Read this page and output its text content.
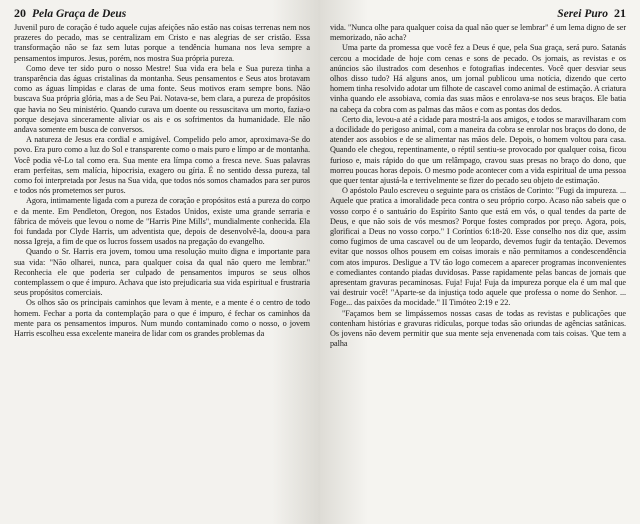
20 Pela Graça de Deus

Juvenil puro de coração é tudo aquele cujas afeições não estão nas coisas terrenas nem nos prazeres do pecado, mas se centralizam em Cristo e nas alegrias de ser cristão. Essa transformação não se faz sem lutas porque a tendência humana nos leva sempre a pensamentos impuros. Jesus, porém, nos mostra Sua própria pureza.

Como deve ter sido puro o nosso Mestre! Sua vida era bela e Sua pureza tinha a transparência das águas cristalinas da montanha. Seus pensamentos e Seus atos brotavam como as águas límpidas e claras de uma fonte. Seus motivos eram sempre bons. Não buscava Sua própria glória, mas a de Seu Pai. Notava-se, bem clara, a pureza de propósitos que havia no Seu ministério. Quando curava um doente ou ressuscitava um morto, fazia-o porque desejava sinceramente aliviar os ais e os sofrimentos da humanidade. Ele não andava somente em busca de conversos.

A natureza de Jesus era cordial e amigável. Compelido pelo amor, aproximava-Se do povo. Era puro como a luz do Sol e transparente como o mais puro e límpo ar de montanha. Você podia vê-Lo tal como era. Sua mente era límpa como a fresca neve. Suas palavras eram perfeitas, sem malícia, hipocrisia, exagero ou gíria. É no sentido dessa pureza, tal como foi interpretada por Jesus na Sua vida, que todos nós somos chamados para ser puros e todos nós prometemos ser puros.

Agora, intimamente ligada com a pureza de coração e propósitos está a pureza do corpo e da mente. Em Pendleton, Oregon, nos Estados Unidos, existe uma grande serraria e fábrica de móveis que levou o nome de "Harris Pine Mills", mundialmente conhecida. Ela foi fundada por Clyde Harris, um adventista que, depois de desenvolvê-la, doou-a para nossa Igreja, a fim de que os lucros fossem usados na pregação do evangelho.

Quando o Sr. Harris era jovem, tomou uma resolução muito digna e importante para sua vida: "Não olharei, nunca, para qualquer coisa da qual não quero me lembrar." Reconhecia ele que poderia ser culpado de pensamentos impuros se seus olhos contemplassem o que é impuro. Achava que isto prejudicaria sua vida espiritual e frustraria seus propósitos comerciais.

Os olhos são os principais caminhos que levam à mente, e a mente é o centro de todo homem. Fechar a porta da contemplação para o que é impuro, é fechar os caminhos da mente para os pensamentos impuros. Num mundo contaminado como o nosso, o jovem Harris escolheu essa excelente maneira de lidar com os grandes problemas da

Serei Puro 21

vida. "Nunca olhe para qualquer coisa da qual não quer se lembrar" é um lema digno de ser memorizado, não acha?

Uma parte da promessa que você fez a Deus é que, pela Sua graça, será puro. Satanás cercou a mocidade de hoje com cenas e sons de pecado. Os jornais, as revistas e os anúncios são ilustrados com desenhos e fotografias indecentes. Você quer desviar seus olhos disso tudo? Há alguns anos, um jornal publicou uma notícia, dizendo que certo homem tinha resolvido adotar um filhote de cascavel como animal de estimação. A criatura vinha quando ele assobiava, comia das suas mãos e enrolava-se nos seus braços. Ele batia na cabeça da cobra com as palmas das mãos e com as pontas dos dedos.

Certo dia, levou-a até a cidade para mostrá-la aos amigos, e todos se maravilharam com a docilidade do perigoso animal, com a maneira da cobra se enrolar nos braços do dono, de atender aos assobios e de se alimentar nas mãos dele. Depois, o homem voltou para casa. Quando ele chegou, repentinamente, o réptil sentiu-se provocado por qualquer coisa, ficou furioso e, mais rápido do que um relâmpago, cravou suas presas no braço do dono, que morreu poucas horas depois. O mesmo pode acontecer com a vida espiritual de uma pessoa que quer tentar ajustá-la e terrivelmente se fizer do pecado seu objeto de estimação.

O apóstolo Paulo escreveu o seguinte para os cristãos de Corinto: "Fugi da impureza. ... Aquele que pratica a imoralidade peca contra o seu próprio corpo. Acaso não sabeis que o vosso corpo é o santuário do Espírito Santo que está em vós, o qual tendes da parte de Deus, e que não sois de vós mesmos? Porque fostes comprados por preço. Agora, pois, glorificai a Deus no vosso corpo." I Coríntios 6:18-20. Esse conselho nos diz que, assim como fugimos de uma cascavel ou de um leopardo, devemos fugir da tentação. Devemos evitar que nossos olhos pousem em coisas imorais e não permitamos a condescendência com atos impuros. Desligue a TV tão logo comecem a aparecer programas inconvenientes e comediantes contando piadas duvidosas. Passe rapidamente pelas bancas de jornais que apresentam gravuras pecaminosas. Fuja! Fuja! Fuja da impureza porque ela é um mal que vai destruir você! "Aparte-se da injustiça todo aquele que professa o nome do Senhor. ... Foge... das paixões da mocidade." II Timóteo 2:19 e 22.

"Façamos bem se limpássemos nossas casas de todas as revistas e publicações que contenham histórias e gravuras ridículas, porque todas são oriundas de agências satânicas. Os jovens não devem permitir que sua mente seja envenenada com tais coisas. 'Que tem a palha
